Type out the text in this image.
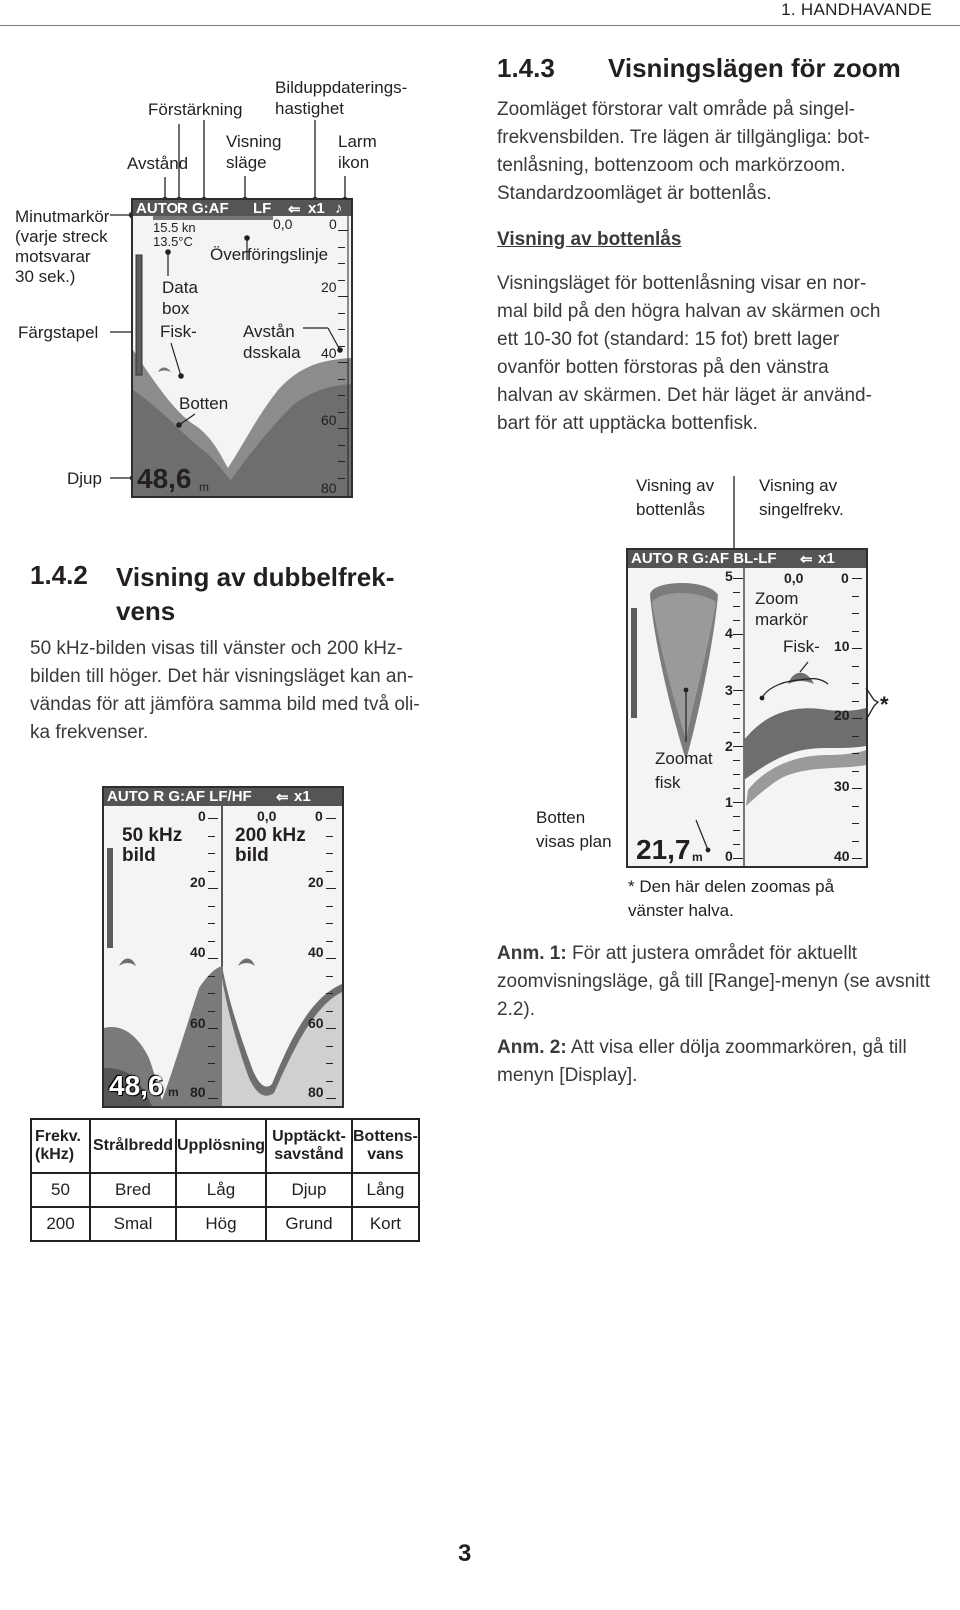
1. HANDHAVANDE
Bilduppdaterings-
hastighet
Förstärkning
Visning
släge
Larm
ikon
Avstånd
Minutmarkör
(varje streck
motsvarar
30 sek.)
Färgstapel
Djup
AUTO
R G:AF LF ⇐ x1 ♪
0,0
15.5 kn
13.5°C
0
20
40
60
80
48,6 m
Överföringslinje
Data
box
Fisk-	Avstån
dsskala
Botten
1.4.3 Visningslägen för zoom

Zoomläget förstorar valt område på singel-

frekvensbilden. Tre lägen är tillgängliga: bot-

tenlåsning, bottenzoom och markörzoom.

Standardzoomläget är bottenlås.

Visning av bottenlås

Visningsläget för bottenlåsning visar en nor-

mal bild på den högra halvan av skärmen och

ett 10-30 fot (standard: 15 fot) brett lager

ovanför botten förstoras på den vänstra

halvan av skärmen. Det här läget är använd-

bart för att upptäcka bottenfisk.

Visning av
bottenlås
Visning av
singelfrekv.
AUTO R G:AF BL-LF ⇐ x1
5
4
3
2
1
0
0,0	0
10
20
30
40
Zoom
markör
Fisk-
Zoomat
fisk
21,7 m
*
Botten
visas plan
* Den här delen zoomas på
vänster halva.
Anm. 1: För att justera området för aktuellt zoomvisningsläge, gå till [Range]-menyn (se avsnitt 2.2).
Anm. 2: Att visa eller dölja zoommarkören, gå till menyn [Display].
1.4.2 Visning av dubbelfrek-
vens

50 kHz-bilden visas till vänster och 200 kHz-

bilden till höger. Det här visningsläget kan an-

vändas för att jämföra samma bild med två oli-

ka frekvenser.

AUTO R G:AF LF/HF ⇐ x1
50 kHz
bild
200 kHz
bild
0,0
0
20
40
60
80
0
20
40
60
80
48,6 m
Frekv.
(kHz)	Strålbredd	Upplösning	Upptäckt-
savstånd	Bottens-
vans
50	Bred	Låg	Djup	Lång
200	Smal	Hög	Grund	Kort
3
